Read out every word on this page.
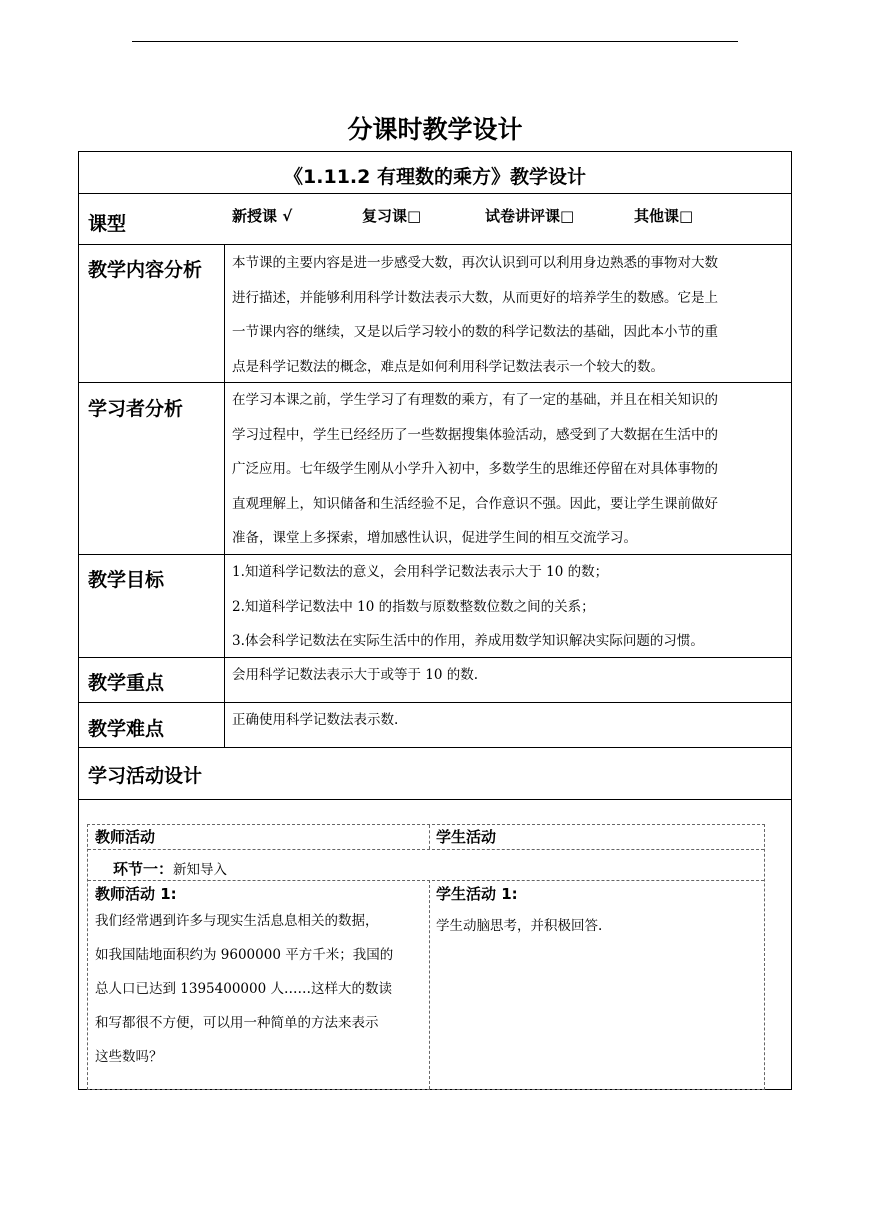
分课时教学设计
《1.11.2 有理数的乘方》教学设计
课型	新授课 √	复习课□	试卷讲评课□	其他课□
教学内容分析 本节课的主要内容是进一步感受大数，再次认识到可以利用身边熟悉的事物对大数
进行描述，并能够利用科学计数法表示大数，从而更好的培养学生的数感。它是上
一节课内容的继续，又是以后学习较小的数的科学记数法的基础，因此本小节的重
点是科学记数法的概念，难点是如何利用科学记数法表示一个较大的数。
学习者分析	在学习本课之前，学生学习了有理数的乘方，有了一定的基础，并且在相关知识的
学习过程中，学生已经经历了一些数据搜集体验活动，感受到了大数据在生活中的
广泛应用。七年级学生刚从小学升入初中，多数学生的思维还停留在对具体事物的
直观理解上，知识储备和生活经验不足，合作意识不强。因此，要让学生课前做好
准备，课堂上多探索，增加感性认识，促进学生间的相互交流学习。
教学目标	1.知道科学记数法的意义，会用科学记数法表示大于 10 的数；
2.知道科学记数法中 10 的指数与原数整数位数之间的关系；
3.体会科学记数法在实际生活中的作用，养成用数学知识解决实际问题的习惯。
教学重点	会用科学记数法表示大于或等于 10 的数.
教学难点	正确使用科学记数法表示数.
学习活动设计
教师活动	学生活动
环节一：新知导入
教师活动 1:
我们经常遇到许多与现实生活息息相关的数据，
如我国陆地面积约为 9600000 平方千米；我国的
总人口已达到 1395400000 人……这样大的数读
和写都很不方便，可以用一种简单的方法来表示
这些数吗？
学生活动 1:
学生动脑思考，并积极回答.
